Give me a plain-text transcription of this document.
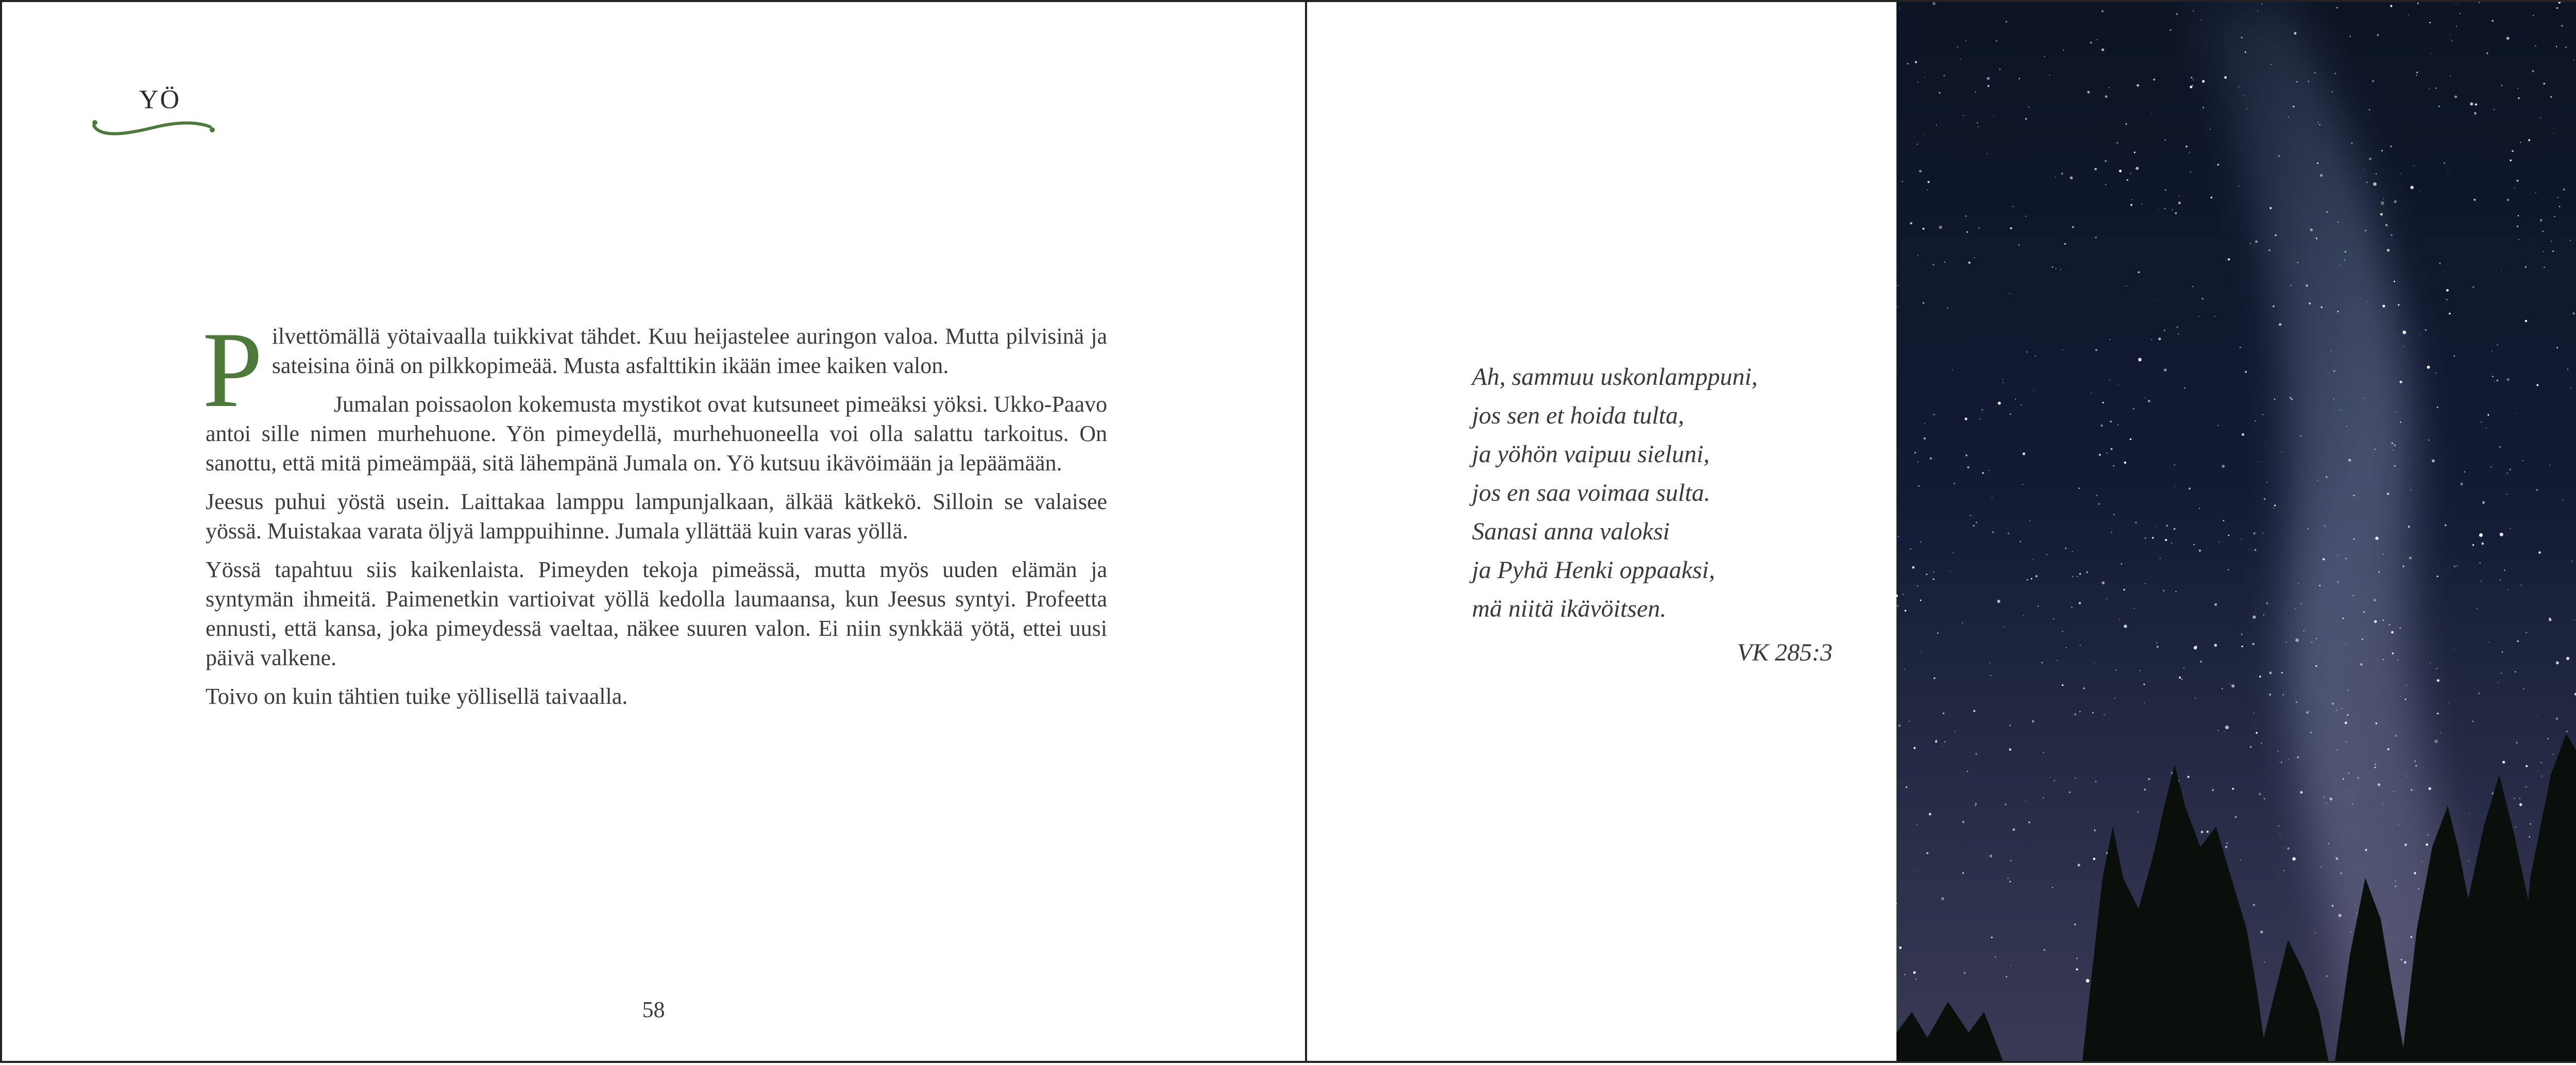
YÖ

Pilvettömällä yötaivaalla tuikkivat tähdet. Kuu heijastelee auringon valoa. Mutta pilvisinä ja sateisina öinä on pilkkopimeää. Musta asfalttikin ikään imee kaiken valon.

Jumalan poissaolon kokemusta mystikot ovat kutsuneet pimeäksi yöksi. Ukko-Paavo antoi sille nimen murhehuone. Yön pimeydellä, murhehuoneella voi olla salattu tarkoitus. On sanottu, että mitä pimeämpää, sitä lähempänä Jumala on. Yö kutsuu ikävöimään ja lepäämään.

Jeesus puhui yöstä usein. Laittakaa lamppu lampunjalkaan, älkää kätkekö. Silloin se valaisee yössä. Muistakaa varata öljyä lamppuihinne. Jumala yllättää kuin varas yöllä.

Yössä tapahtuu siis kaikenlaista. Pimeyden tekoja pimeässä, mutta myös uuden elämän ja syntymän ihmeitä. Paimenetkin vartioivat yöllä kedolla laumaansa, kun Jeesus syntyi. Profeetta ennusti, että kansa, joka pimeydessä vaeltaa, näkee suuren valon. Ei niin synkkää yötä, ettei uusi päivä valkene.

Toivo on kuin tähtien tuike yöllisellä taivaalla.

58
Ah, sammuu uskonlamppuni,
jos sen et hoida tulta,
ja yöhön vaipuu sieluni,
jos en saa voimaa sulta.
Sanasi anna valoksi
ja Pyhä Henki oppaaksi,
mä niitä ikävöitsen.
VK 285:3
